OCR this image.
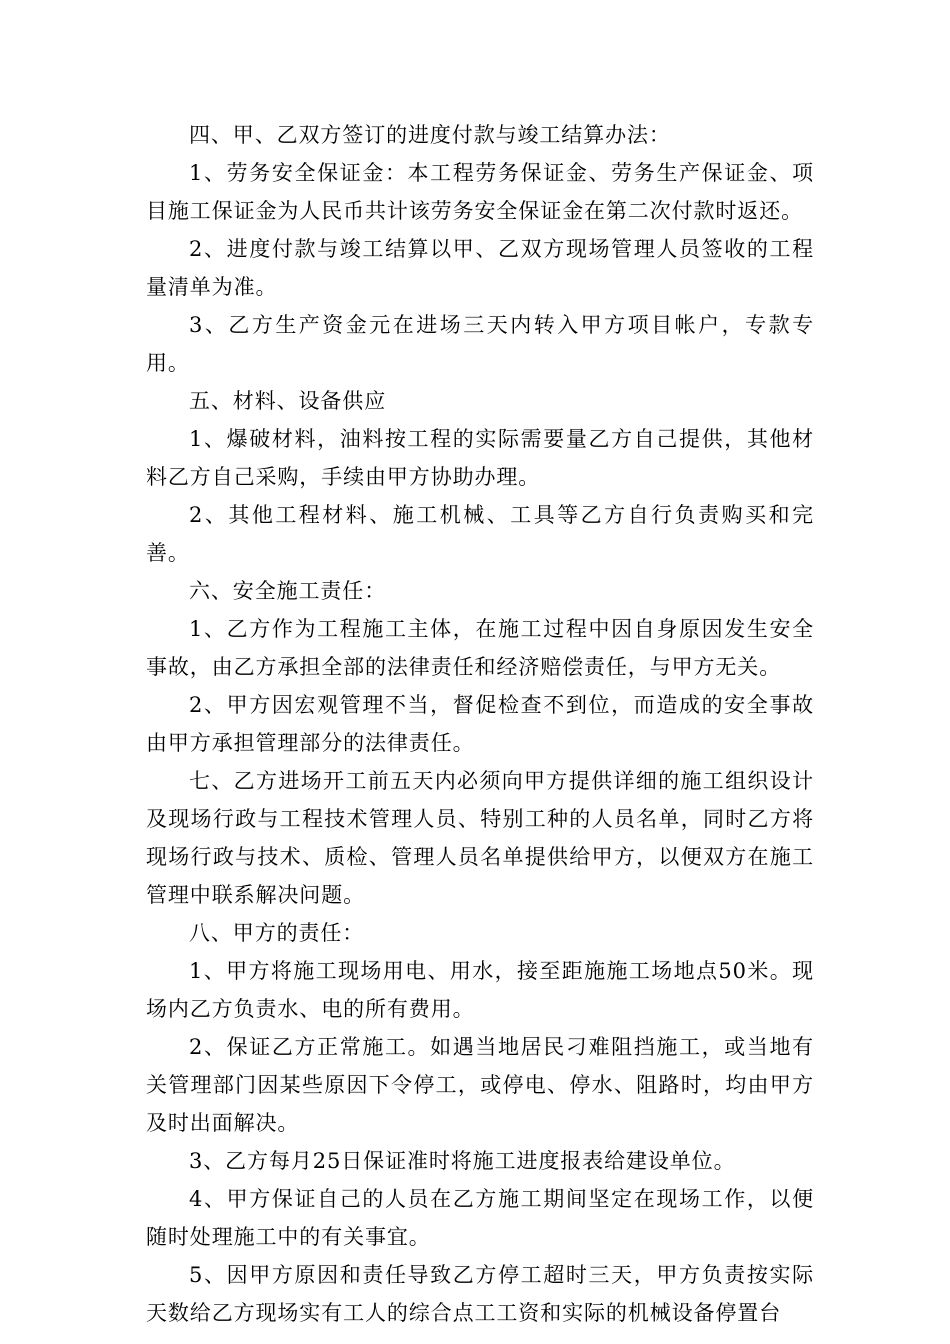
四、甲、乙双方签订的进度付款与竣工结算办法：

1、劳务安全保证金：本工程劳务保证金、劳务生产保证金、项目施工保证金为人民币共计该劳务安全保证金在第二次付款时返还。

2、进度付款与竣工结算以甲、乙双方现场管理人员签收的工程量清单为准。

3、乙方生产资金元在进场三天内转入甲方项目帐户，专款专用。

五、材料、设备供应

1、爆破材料，油料按工程的实际需要量乙方自己提供，其他材料乙方自己采购，手续由甲方协助办理。

2、其他工程材料、施工机械、工具等乙方自行负责购买和完善。

六、安全施工责任：

1、乙方作为工程施工主体，在施工过程中因自身原因发生安全事故，由乙方承担全部的法律责任和经济赔偿责任，与甲方无关。

2、甲方因宏观管理不当，督促检查不到位，而造成的安全事故由甲方承担管理部分的法律责任。

七、乙方进场开工前五天内必须向甲方提供详细的施工组织设计及现场行政与工程技术管理人员、特别工种的人员名单，同时乙方将现场行政与技术、质检、管理人员名单提供给甲方，以便双方在施工管理中联系解决问题。

八、甲方的责任：

1、甲方将施工现场用电、用水，接至距施施工场地点50米。现场内乙方负责水、电的所有费用。

2、保证乙方正常施工。如遇当地居民刁难阻挡施工，或当地有关管理部门因某些原因下令停工，或停电、停水、阻路时，均由甲方及时出面解决。

3、乙方每月25日保证准时将施工进度报表给建设单位。

4、甲方保证自己的人员在乙方施工期间坚定在现场工作，以便随时处理施工中的有关事宜。

5、因甲方原因和责任导致乙方停工超时三天，甲方负责按实际天数给乙方现场实有工人的综合点工工资和实际的机械设备停置台
